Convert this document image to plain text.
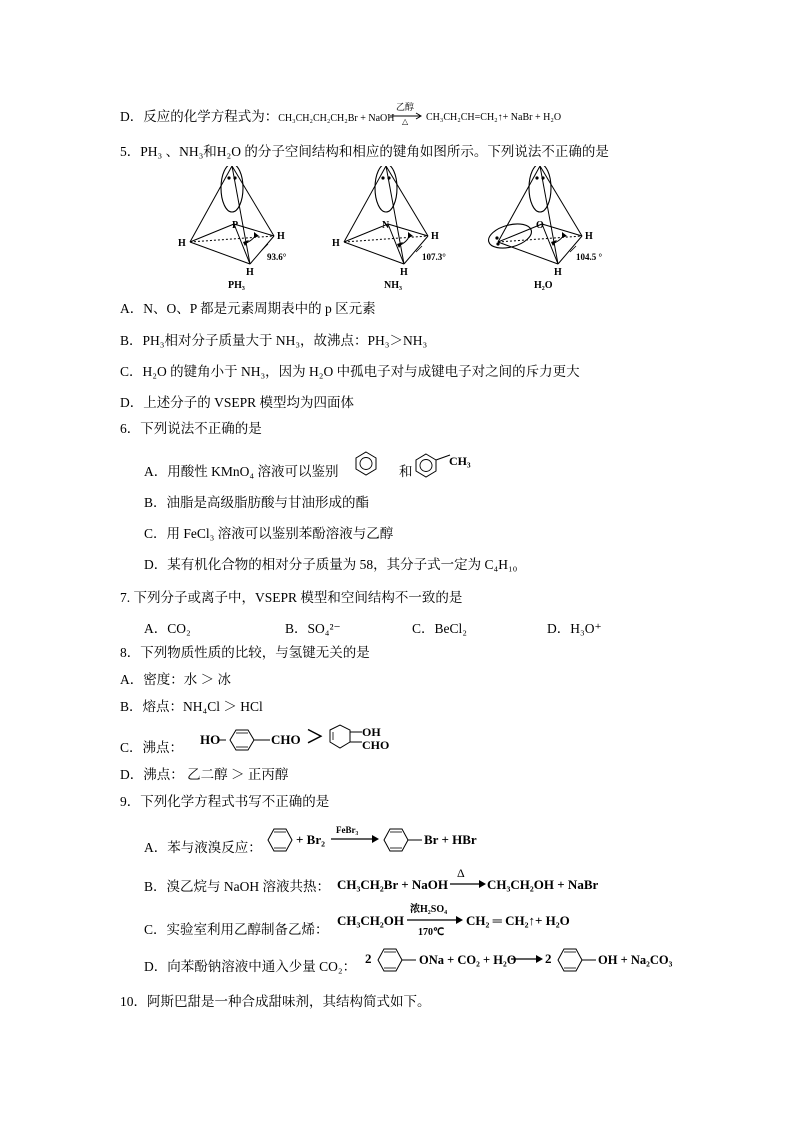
D．反应的化学方程式为：CH₃CH₂CH₂CH₂Br + NaOH
乙醇
△ CH₃CH₂CH=CH₂↑+ NaBr + H₂O
5．PH₃ 、NH₃和H₂O 的分子空间结构和相应的键角如图所示。下列说法不正确的是
P
H
H
H
93.6°
PH₃
N
H
H
H
107.3°
NH₃
O
H
H
104.5 °
H₂O
A．N、O、P 都是元素周期表中的 p 区元素
B．PH₃相对分子质量大于 NH₃，故沸点：PH₃＞NH₃
C．H₂O 的键角小于 NH₃，因为 H₂O 中孤电子对与成键电子对之间的斥力更大
D．上述分子的 VSEPR 模型均为四面体
6．下列说法不正确的是
A．用酸性 KMnO₄ 溶液可以鉴别	和
CH₃
B．油脂是高级脂肪酸与甘油形成的酯
C．用 FeCl₃ 溶液可以鉴别苯酚溶液与乙醇
D．某有机化合物的相对分子质量为 58，其分子式一定为 C₄H₁₀
7. 下列分子或离子中，VSEPR 模型和空间结构不一致的是
A．CO₂	B．SO₄²⁻	C．BeCl₂	D．H₃O⁺
8．下列物质性质的比较，与氢键无关的是
A．密度：水 ＞ 冰
B．熔点：NH₄Cl ＞ HCl
C．沸点：
HO	CHO ＞	OH
CHO
D．沸点： 乙二醇 ＞ 正丙醇
9．下列化学方程式书写不正确的是
A．苯与液溴反应：
+ Br₂
FeBr₃
Br + HBr
B．溴乙烷与 NaOH 溶液共热： CH₃CH₂Br + NaOH
Δ
CH₃CH₂OH + NaBr
C．实验室利用乙醇制备乙烯：
CH₃CH₂OH
浓H₂SO₄
170℃
CH₂ ═ CH₂↑+ H₂O
D．向苯酚钠溶液中通入少量 CO₂：
2	ONa + CO₂ + H₂O 2	OH + Na₂CO₃
10．阿斯巴甜是一种合成甜味剂，其结构简式如下。
